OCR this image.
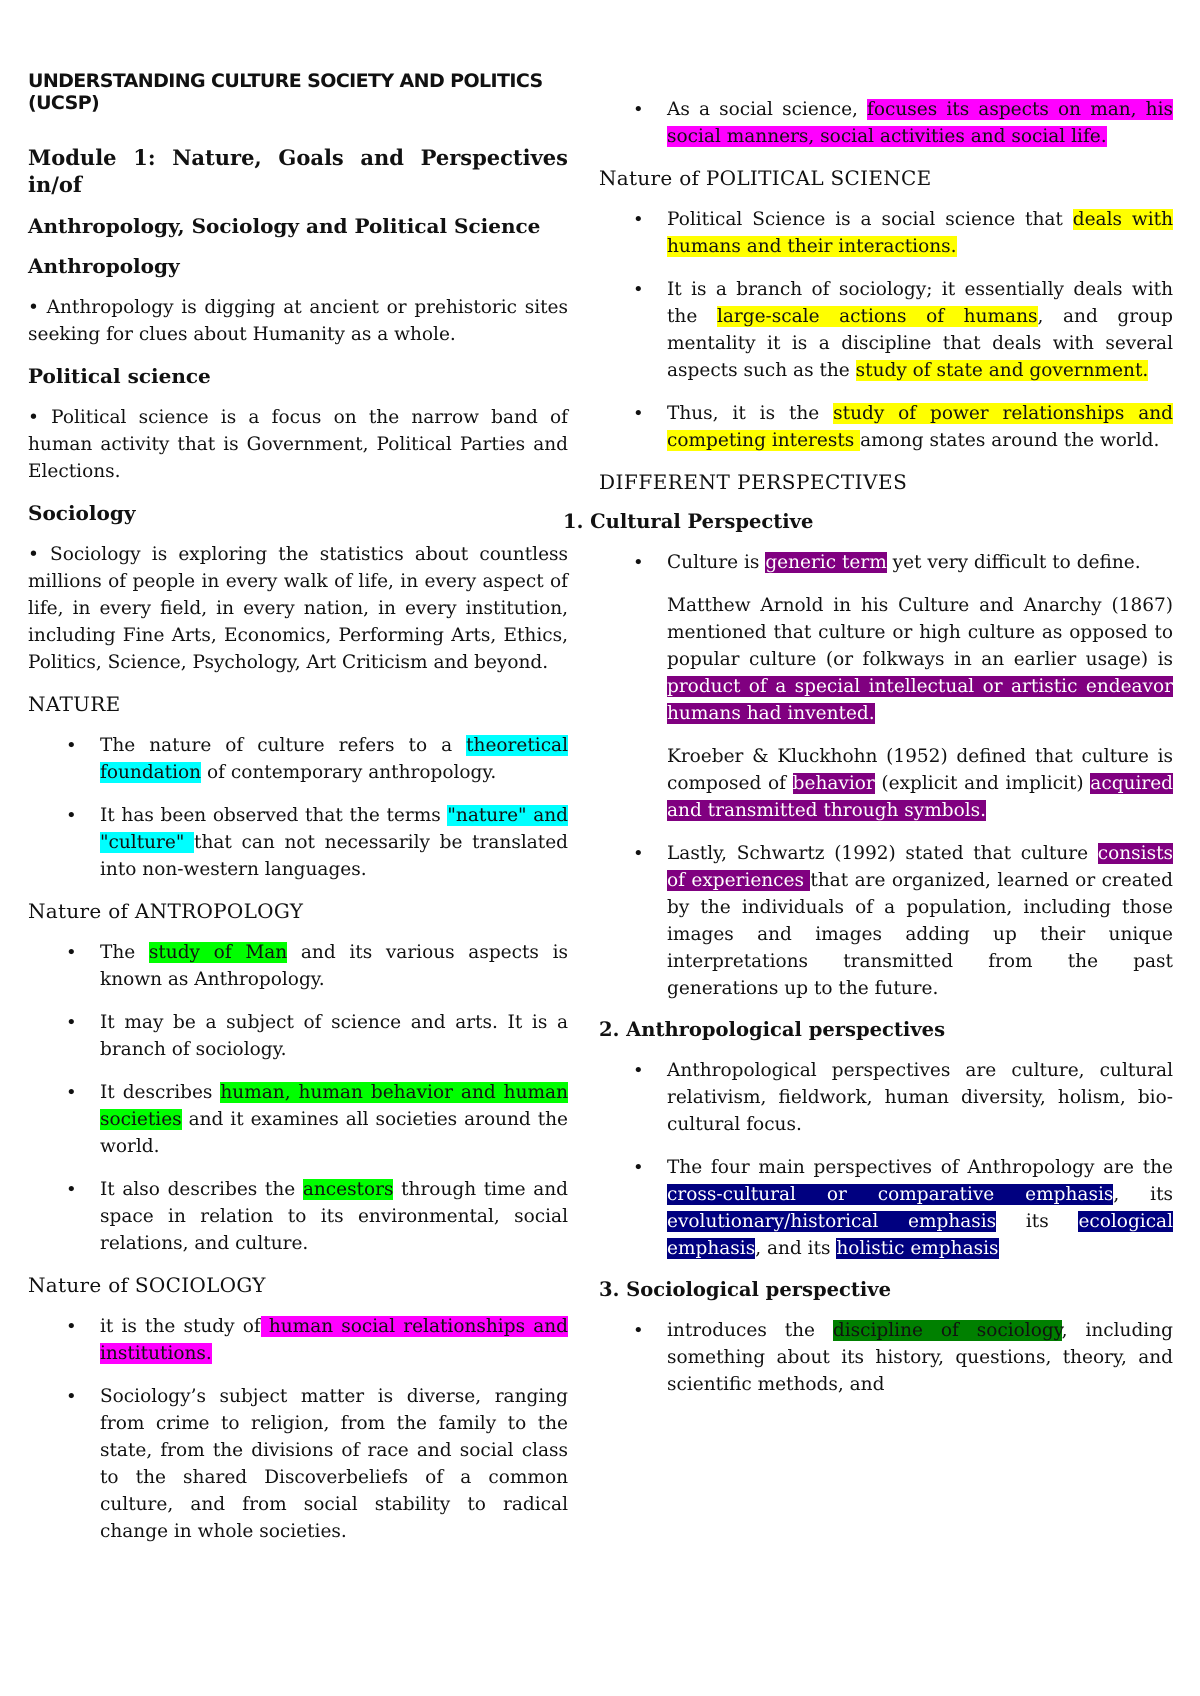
UNDERSTANDING CULTURE SOCIETY AND POLITICS (UCSP)
Module 1: Nature, Goals and Perspectives in/of
Anthropology, Sociology and Political Science
Anthropology

• Anthropology is digging at ancient or prehistoric sites seeking for clues about Humanity as a whole.

Political science

• Political science is a focus on the narrow band of human activity that is Government, Political Parties and Elections.

Sociology

• Sociology is exploring the statistics about countless millions of people in every walk of life, in every aspect of life, in every field, in every nation, in every institution, including Fine Arts, Economics, Performing Arts, Ethics, Politics, Science, Psychology, Art Criticism and beyond.

NATURE
• The nature of culture refers to a theoretical foundation of contemporary anthropology.
• It has been observed that the terms "nature" and "culture" that can not necessarily be translated into non-western languages.
Nature of ANTROPOLOGY
• The study of Man and its various aspects is known as Anthropology.
• It may be a subject of science and arts. It is a branch of sociology.
• It describes human, human behavior and human societies and it examines all societies around the world.
• It also describes the ancestors through time and space in relation to its environmental, social relations, and culture.
Nature of SOCIOLOGY
• it is the study of human social relationships and institutions.
• Sociology’s subject matter is diverse, ranging from crime to religion, from the family to the state, from the divisions of race and social class to the shared Discoverbeliefs of a common culture, and from social stability to radical change in whole societies.
• As a social science, focuses its aspects on man, his social manners, social activities and social life.
Nature of POLITICAL SCIENCE
• Political Science is a social science that deals with humans and their interactions.
• It is a branch of sociology; it essentially deals with the large-scale actions of humans, and group mentality it is a discipline that deals with several aspects such as the study of state and government.
• Thus, it is the study of power relationships and competing interests among states around the world.
DIFFERENT PERSPECTIVES
1. Cultural Perspective
• Culture is generic term yet very difficult to define.

Matthew Arnold in his Culture and Anarchy (1867) mentioned that culture or high culture as opposed to popular culture (or folkways in an earlier usage) is product of a special intellectual or artistic endeavor humans had invented.

Kroeber & Kluckhohn (1952) defined that culture is composed of behavior (explicit and implicit) acquired and transmitted through symbols.

• Lastly, Schwartz (1992) stated that culture consists of experiences that are organized, learned or created by the individuals of a population, including those images and images adding up their unique interpretations transmitted from the past generations up to the future.
2. Anthropological perspectives
• Anthropological perspectives are culture, cultural relativism, fieldwork, human diversity, holism, bio-cultural focus.
• The four main perspectives of Anthropology are the cross-cultural or comparative emphasis, its evolutionary/historical emphasis its ecological emphasis, and its holistic emphasis
3. Sociological perspective
• introduces the discipline of sociology, including something about its history, questions, theory, and scientific methods, and
